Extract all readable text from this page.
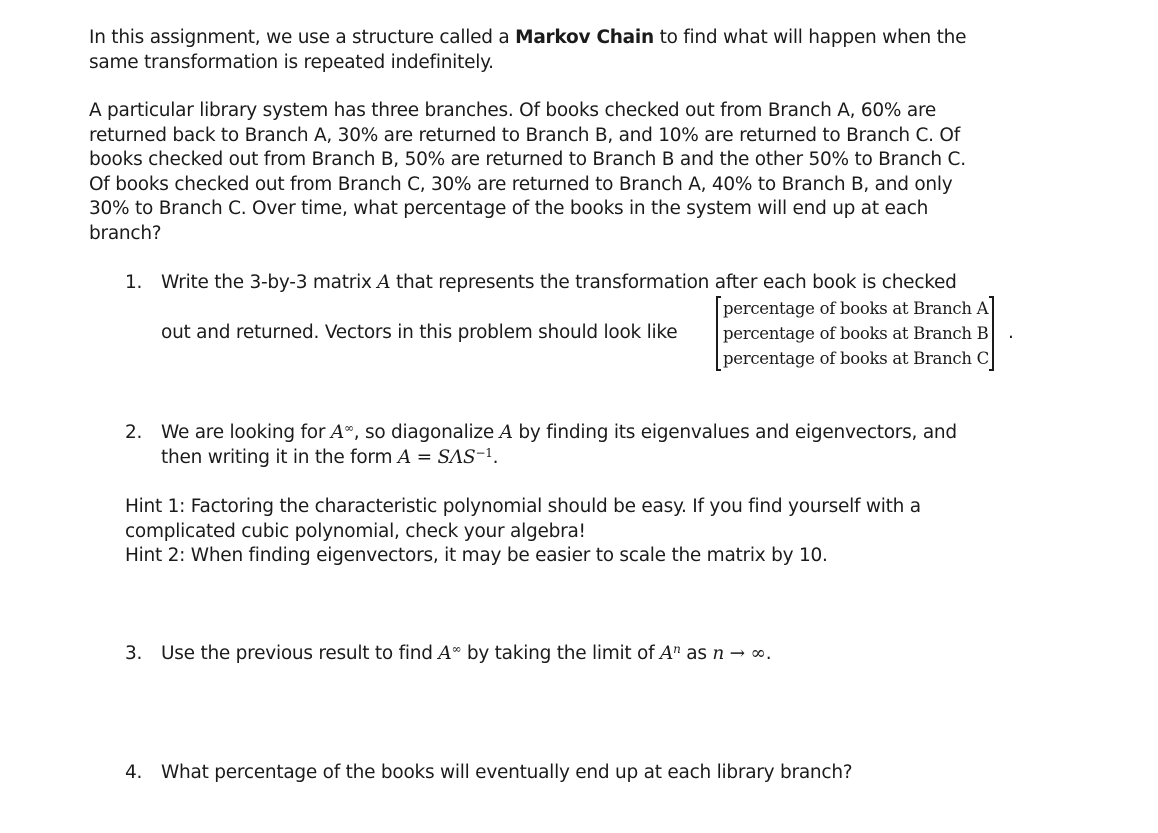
In this assignment, we use a structure called a Markov Chain to find what will happen when the
same transformation is repeated indefinitely.

A particular library system has three branches. Of books checked out from Branch A, 60% are
returned back to Branch A, 30% are returned to Branch B, and 10% are returned to Branch C. Of
books checked out from Branch B, 50% are returned to Branch B and the other 50% to Branch C.
Of books checked out from Branch C, 30% are returned to Branch A, 40% to Branch B, and only
30% to Branch C. Over time, what percentage of the books in the system will end up at each
branch?

1.	Write the 3-by-3 matrix A that represents the transformation after each book is checked
out and returned. Vectors in this problem should look like
percentage of books at Branch A
percentage of books at Branch B
percentage of books at Branch C
.
2.	We are looking for A∞, so diagonalize A by finding its eigenvalues and eigenvectors, and
then writing it in the form $A = S\Lambda S^{-1}$.
Hint 1: Factoring the characteristic polynomial should be easy. If you find yourself with a
complicated cubic polynomial, check your algebra!
Hint 2: When finding eigenvectors, it may be easier to scale the matrix by 10.
3.	Use the previous result to find A∞ by taking the limit of $A^n$ as n → ∞.
4.	What percentage of the books will eventually end up at each library branch?
